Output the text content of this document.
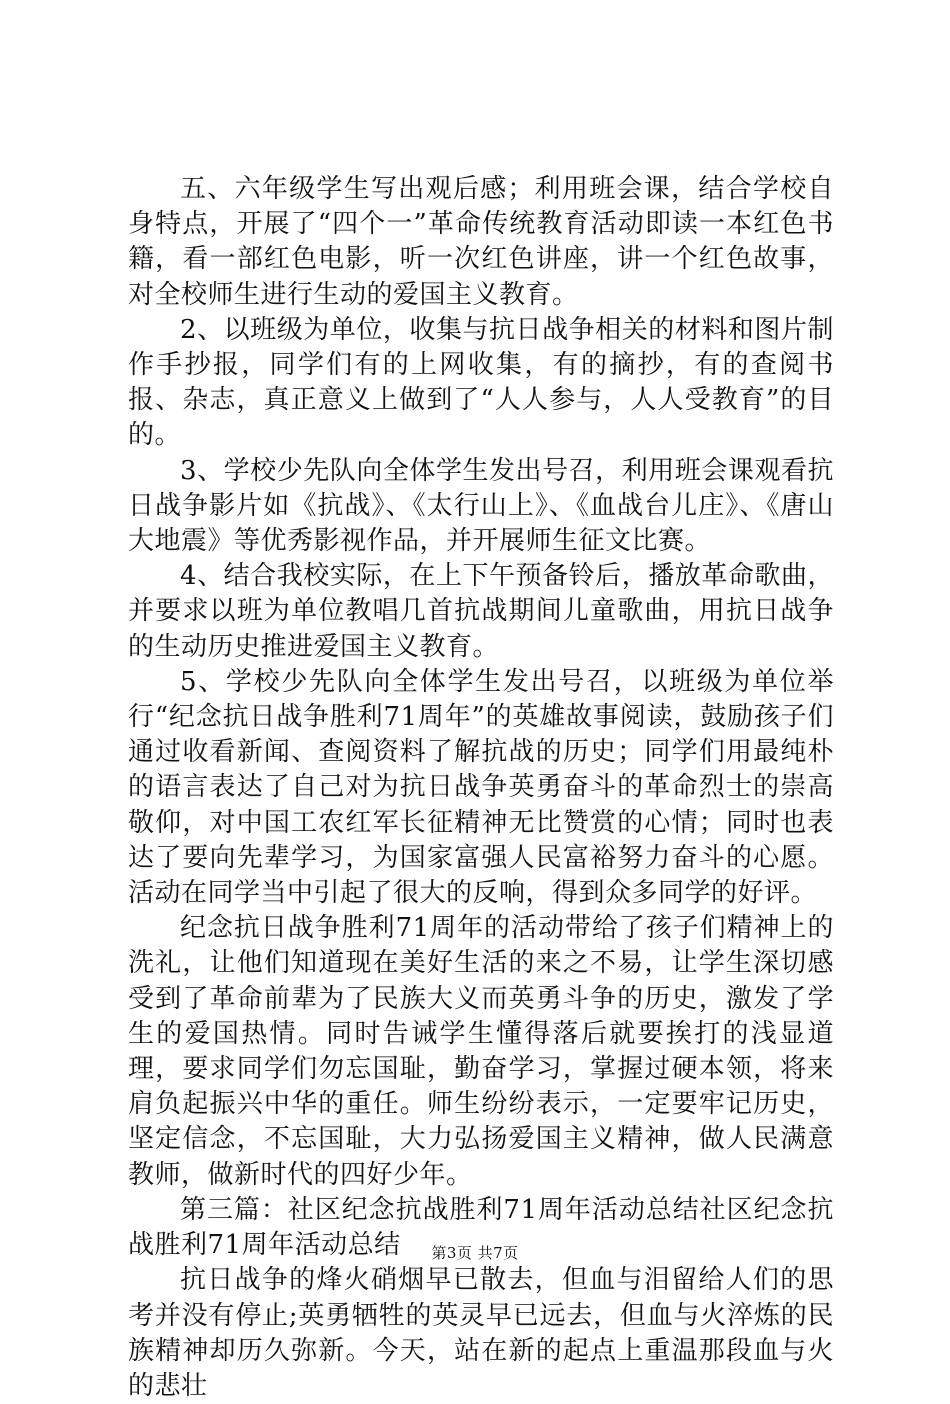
五、六年级学生写出观后感；利用班会课，结合学校自身特点，开展了“四个一”革命传统教育活动即读一本红色书籍，看一部红色电影，听一次红色讲座，讲一个红色故事，对全校师生进行生动的爱国主义教育。

2、以班级为单位，收集与抗日战争相关的材料和图片制作手抄报，同学们有的上网收集，有的摘抄，有的查阅书报、杂志，真正意义上做到了“人人参与，人人受教育”的目的。

3、学校少先队向全体学生发出号召，利用班会课观看抗日战争影片如《抗战》、《太行山上》、《血战台儿庄》、《唐山大地震》等优秀影视作品，并开展师生征文比赛。

4、结合我校实际，在上下午预备铃后，播放革命歌曲，并要求以班为单位教唱几首抗战期间儿童歌曲，用抗日战争的生动历史推进爱国主义教育。

5、学校少先队向全体学生发出号召，以班级为单位举行“纪念抗日战争胜利71周年”的英雄故事阅读，鼓励孩子们通过收看新闻、查阅资料了解抗战的历史；同学们用最纯朴的语言表达了自己对为抗日战争英勇奋斗的革命烈士的崇高敬仰，对中国工农红军长征精神无比赞赏的心情；同时也表达了要向先辈学习，为国家富强人民富裕努力奋斗的心愿。活动在同学当中引起了很大的反响，得到众多同学的好评。

纪念抗日战争胜利71周年的活动带给了孩子们精神上的洗礼，让他们知道现在美好生活的来之不易，让学生深切感受到了革命前辈为了民族大义而英勇斗争的历史，激发了学生的爱国热情。同时告诫学生懂得落后就要挨打的浅显道理，要求同学们勿忘国耻，勤奋学习，掌握过硬本领，将来肩负起振兴中华的重任。师生纷纷表示，一定要牢记历史，坚定信念，不忘国耻，大力弘扬爱国主义精神，做人民满意教师，做新时代的四好少年。

第三篇：社区纪念抗战胜利71周年活动总结社区纪念抗战胜利71周年活动总结

抗日战争的烽火硝烟早已散去，但血与泪留给人们的思考并没有停止;英勇牺牲的英灵早已远去，但血与火淬炼的民族精神却历久弥新。今天，站在新的起点上重温那段血与火的悲壮

第3页 共7页
